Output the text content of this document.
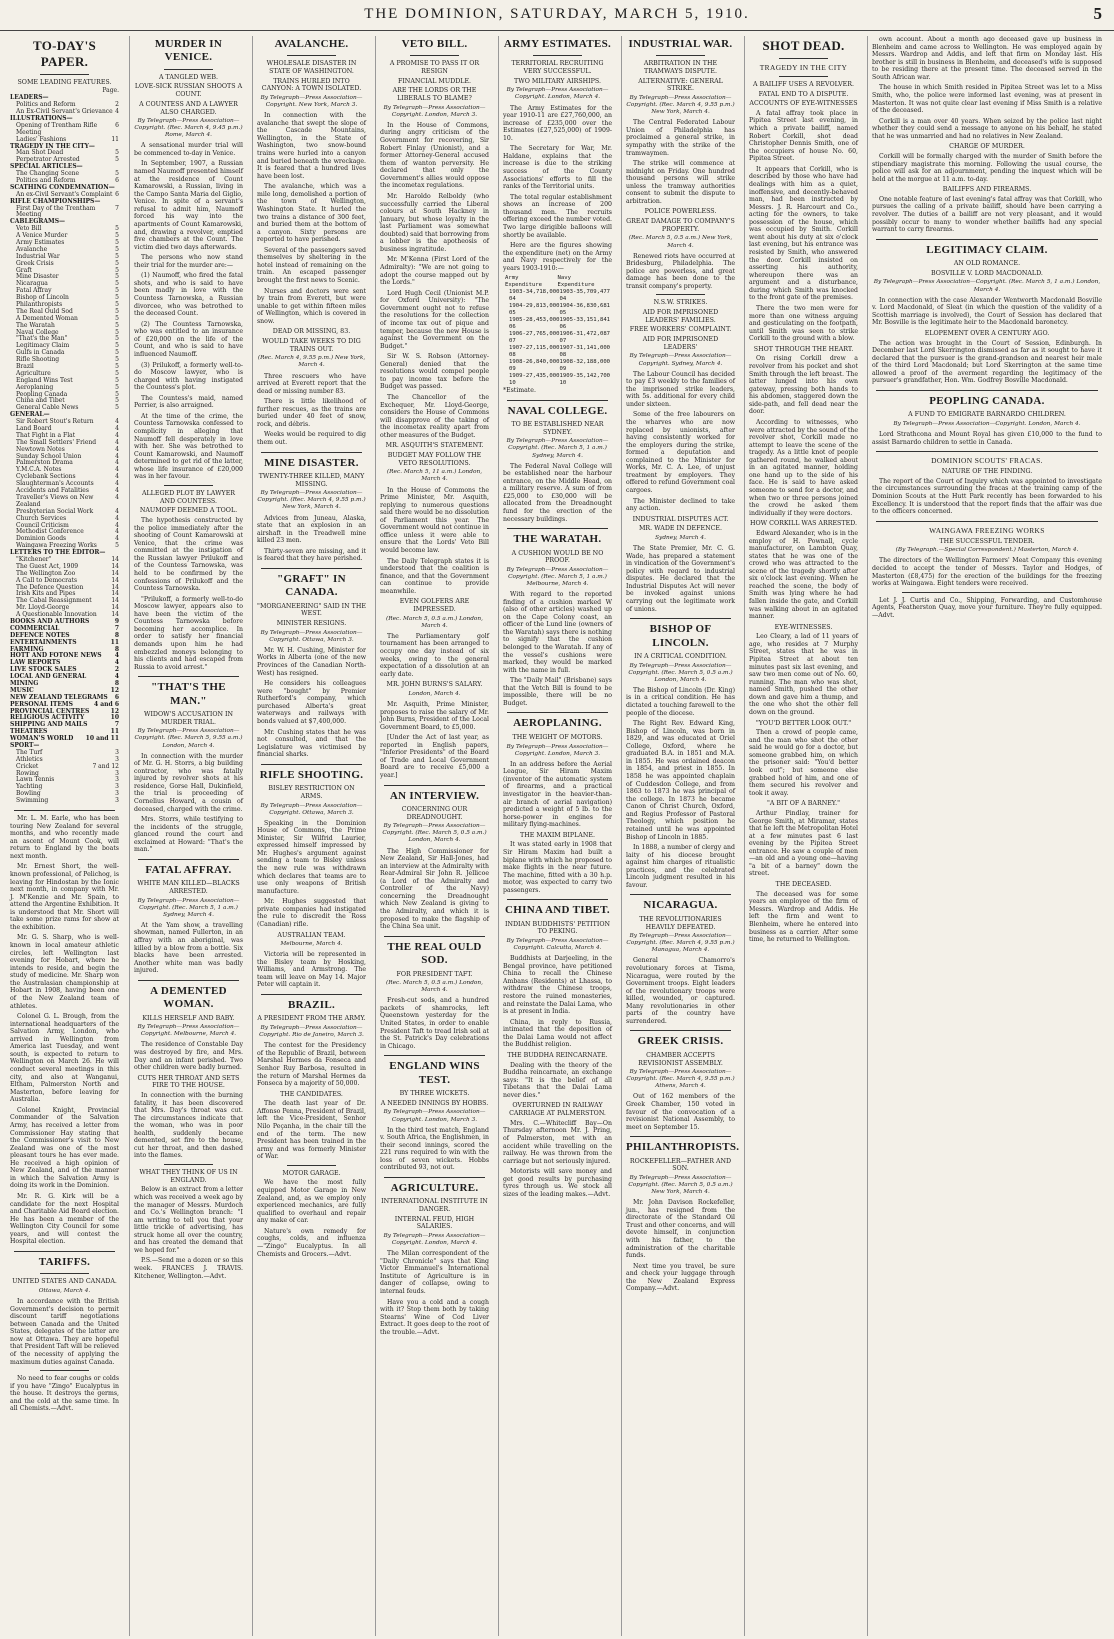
THE DOMINION, SATURDAY, MARCH 5, 1910.	5
TO-DAY'S PAPER.
SOME LEADING FEATURES.
Page.
LEADERS—
Politics and Reform	2
An Ex-Civil Servant's Grievance 4
ILLUSTRATIONS—
Opening of Trentham Rifle Meeting
6
Ladies' Fashions	11
TRAGEDY IN THE CITY—
Man Shot Dead	5
Perpetrator Arrested	5
SPECIAL ARTICLES—
The Changing Scene	5
Politics and Reform	6
SCATHING CONDEMNATION—
An ex-Civil Servant's Complaint 6
RIFLE CHAMPIONSHIPS—
First Day of the Trentham Meeting
7
CABLEGRAMS—
Veto Bill	5
A Venice Murder	5
Army Estimates	5
Avalanche	5
Industrial War	5
Greek Crisis	5
Graft	5
Mine Disaster	5
Nicaragua	5
Fatal Affray	5
Bishop of Lincoln	5
Philanthropists	5
The Real Ould Sod	5
A Demented Woman	5
The Waratah	5
Naval College	5
"That's the Man"	5
Legitimacy Claim	5
Gulfs in Canada	5
Rifle Shooting	5
Brazil	5
Agriculture	5
England Wins Test	5
Aeroplaning	5
Peopling Canada	5
China and Tibet	5
General Cable News	5
GENERAL—
Sir Robert Stout's Return	4
Land Board	4
That Fight in a Flat	4
The Small Settlers' Friend	4
Newtown Notes	4
Sunday School Union	4
Palmerston Drama	4
Y.M.C.A. Notes	4
Cyclebank Sections	4
Slaughterman's Accounts	4
Accidents and Fatalities	4
Traveller's Views on New Zealand
4
Presbyterian Social Work	4
Church Services	4
Council Criticism	4
Methodist Conference	4
Dominion Goods	4
Waingawa Freezing Works	5
LETTERS TO THE EDITOR—
"Kitchener"	14
The Guest Act, 1909	14
The Wellington Zoo	14
A Call to Democrats	14
The Defence Question	14
Irish Kits and Pipes	14
The Cabal Reassignment	14
Mr. Lloyd-George	14
A Questionable Innovation 14
BOOKS AND AUTHORS	9
COMMERCIAL	7
DEFENCE NOTES	8
ENTERTAINMENTS	11
FARMING	8
HOTT AND FOTONE NEWS 4
LAW REPORTS	4
LIVE STOCK SALES	2
LOCAL AND GENERAL	4
MINING	8
MUSIC	12
NEW ZEALAND TELEGRAMS 6
PERSONAL ITEMS	4 and 6
PROVINCIAL CENTRES	12
RELIGIOUS ACTIVITY	10
SHIPPING AND MAILS	7
THEATRES	11
WOMAN'S WORLD 10 and 11
SPORT—
The Turf	3
Athletics	3
Cricket	7 and 12
Rowing	3
Lawn Tennis	3
Yachting	3
Bowling	3
Swimming	3

Mr. L. M. Earle, who has been touring New Zealand for several months, and who recently made an ascent of Mount Cook, will return to England by the boats next month.

Mr. Ernest Short, the well-known professional, of Pelichog, is leaving for Hindostan by the Ionic next month, in company with Mr. J. M'Kenzie and Mr. Spain, to attend the Argentine Exhibition. It is understood that Mr. Short will take some prize rams for show at the exhibition.

Mr. G. S. Sharp, who is well-known in local amateur athletic circles, left Wellington last evening for Hobart, where he intends to reside, and begin the study of medicine. Mr. Sharp won the Australasian championship at Hobart in 1908, having been one of the New Zealand team of athletes.

Colonel G. L. Brough, from the international headquarters of the Salvation Army, London, who arrived in Wellington from America last Tuesday, and went south, is expected to return to Wellington on March 26. He will conduct several meetings in this city, and also at Wanganui, Eltham, Palmerston North and Masterton, before leaving for Australia.

Colonel Knight, Provincial Commander of the Salvation Army, has received a letter from Commissioner Hay stating that the Commissioner's visit to New Zealand was one of the most pleasant tours he has ever made. He received a high opinion of New Zealand, and of the manner in which the Salvation Army is doing its work in the Dominion.

Mr. R. G. Kirk will be a candidate for the next Hospital and Charitable Aid Board election. He has been a member of the Wellington City Council for some years, and will contest the Hospital election.

TARIFFS.
UNITED STATES AND CANADA.

Ottawa, March 4.

In accordance with the British Government's decision to permit discount tariff negotiations between Canada and the United States, delegates of the latter are now at Ottawa. They are hopeful that President Taft will be relieved of the necessity of applying the maximum duties against Canada.

No need to fear coughs or colds if you have "Zingo" Eucalyptus in the house. It destroys the germs, and the cold at the same time. In all Chemists.—Advt.

MURDER IN VENICE.
A TANGLED WEB.
LOVE-SICK RUSSIAN SHOOTS A COUNT.
A COUNTESS AND A LAWYER ALSO CHARGED.

By Telegraph—Press Association—Copyright. (Rec. March 4, 9.45 p.m.) Rome, March 4.

A sensational murder trial will be commenced to-day in Venice.

In September, 1907, a Russian named Naumoff presented himself at the residence of Count Kamarowski, a Russian, living in the Campo Santa Maria del Giglio, Venice. In spite of a servant's refusal to admit him, Naumoff forced his way into the apartments of Count Kamarowski, and, drawing a revolver, emptied five chambers at the Count. The victim died two days afterwards.

The persons who now stand their trial for the murder are:—

(1) Naumoff, who fired the fatal shots, and who is said to have been madly in love with the Countess Tarnowska, a Russian divorcee, who was betrothed to the deceased Count.

(2) The Countess Tarnowska, who was entitled to an insurance of £20,000 on the life of the Count, and who is said to have influenced Naumoff.

(3) Prilukoff, a formerly well-to-do Moscow lawyer, who is charged with having instigated the Countess's plot.

The Countess's maid, named Perrier, is also arraigned.

At the time of the crime, the Countess Tarnowska confessed to complicity in alleging that Naumoff fell desperately in love with her. She was betrothed to Count Kamarowski, and Naumoff determined to get rid of the latter, whose life insurance of £20,000 was in her favour.

ALLEGED PLOT BY LAWYER AND COUNTESS.
NAUMOFF DEEMED A TOOL.

The hypothesis constructed by the police immediately after the shooting of Count Kamarowski at Venice, that the crime was committed at the instigation of the Russian lawyer Prilukoff and of the Countess Tarnowska, was held to be confirmed by the confessions of Prilukoff and the Countess Tarnowska.

"Prilukoff, a formerly well-to-do Moscow lawyer, appears also to have been the victim of the Countess Tarnowska before becoming her accomplice. In order to satisfy her financial demands upon him he had embezzled moneys belonging to his clients and had escaped from Russia to avoid arrest."

"THAT'S THE MAN."
WIDOW'S ACCUSATION IN MURDER TRIAL.

By Telegraph—Press Association—Copyright. (Rec. March 5, 9.55 a.m.) London, March 4.

In connection with the murder of Mr. G. H. Storrs, a big building contractor, who was fatally injured by revolver shots at his residence, Gorse Hall, Dukinfield, the trial is proceeding of Cornelius Howard, a cousin of deceased, charged with the crime.

Mrs. Storrs, while testifying to the incidents of the struggle, glanced round the court and exclaimed at Howard: "That's the man."

FATAL AFFRAY.
WHITE MAN KILLED—BLACKS ARRESTED.

By Telegraph—Press Association—Copyright. (Rec. March 5, 1 a.m.) Sydney, March 4.

At the Yam show, a travelling showman, named Fullerton, in an affray with an aboriginal, was killed by a blow from a bottle. Six blacks have been arrested. Another white man was badly injured.

A DEMENTED WOMAN.
KILLS HERSELF AND BABY.

By Telegraph—Press Association—Copyright. Melbourne, March 4.

The residence of Constable Day was destroyed by fire, and Mrs. Day and an infant perished. Two other children were badly burned.

CUTS HER THROAT AND SETS FIRE TO THE HOUSE.

In connection with the burning fatality, it has been discovered that Mrs. Day's throat was cut. The circumstances indicate that the woman, who was in poor health, suddenly became demented, set fire to the house, cut her throat, and then dashed into the flames.

WHAT THEY THINK OF US IN ENGLAND.

Below is an extract from a letter which was received a week ago by the manager of Messrs. Murdoch and Co.'s Wellington branch: "I am writing to tell you that your little trickle of advertising, has struck home all over the country, and has created the demand that we hoped for."

P.S.—Send me a dozen or so this week. FRANCES J. TRAVIS. Kitchener, Wellington.—Advt.

AVALANCHE.
WHOLESALE DISASTER IN STATE OF WASHINGTON.
TRAINS HURLED INTO CANYON: A TOWN ISOLATED.

By Telegraph—Press Association—Copyright. New York, March 3.

In connection with the avalanche that swept the slope of the Cascade Mountains, Wellington, in the State of Washington, two snow-bound trains were hurled into a canyon and buried beneath the wreckage. It is feared that a hundred lives have been lost.

The avalanche, which was a mile long, demolished a portion of the town of Wellington, Washington State. It hurled the two trains a distance of 300 feet, and buried them at the bottom of a canyon. Sixty persons are reported to have perished.

Several of the passengers saved themselves by sheltering in the hotel instead of remaining on the train. An escaped passenger brought the first news to Scenic.

Nurses and doctors were sent by train from Everett, but were unable to get within fifteen miles of Wellington, which is covered in snow.

DEAD OR MISSING, 83.
WOULD TAKE WEEKS TO DIG TRAINS OUT.

(Rec. March 4, 9.55 p.m.) New York, March 4.

Three rescuers who have arrived at Everett report that the dead or missing number 83.

There is little likelihood of further rescues, as the trains are buried under 40 feet of snow, rock, and débris.

Weeks would be required to dig them out.

MINE DISASTER.
TWENTY-THREE KILLED, MANY MISSING.

By Telegraph—Press Association—Copyright. (Rec. March 4, 9.55 p.m.) New York, March 4.

Advices from Juneau, Alaska, state that an explosion in an airshaft in the Treadwell mine killed 23 men.

Thirty-seven are missing, and it is feared that they have perished.

"GRAFT" IN CANADA.
"MORGANEERING" SAID IN THE WEST.
MINISTER RESIGNS.

By Telegraph—Press Association—Copyright. Ottawa, March 3.

Mr. W. H. Cushing, Minister for Works in Alberta (one of the new Provinces of the Canadian North-West) has resigned.

He considers his colleagues were "bought" by Premier Rutherford's company, which purchased Alberta's great waterways and railways with bonds valued at $7,400,000.

Mr. Cushing states that he was not consulted, and that the Legislature was victimised by financial sharks.

RIFLE SHOOTING.
BISLEY RESTRICTION ON ARMS.

By Telegraph—Press Association—Copyright. Ottawa, March 3.

Speaking in the Dominion House of Commons, the Prime Minister, Sir Wilfrid Laurier, expressed himself impressed by Mr. Hughes's argument against sending a team to Bisley unless the new rule was withdrawn which declares that teams are to use only weapons of British manufacture.

Mr. Hughes suggested that private companies had instigated the rule to discredit the Ross (Canadian) rifle.

AUSTRALIAN TEAM.

Melbourne, March 4.

Victoria will be represented in the Bisley team by Hosking, Williams, and Armstrong. The team will leave on May 14. Major Peter will captain it.

BRAZIL.
A PRESIDENT FROM THE ARMY.

By Telegraph—Press Association—Copyright. Rio de Janeiro, March 3.

The contest for the Presidency of the Republic of Brazil, between Marshal Hermes da Fonseca and Senhor Ruy Barbosa, resulted in the return of Marshal Hermes da Fonseca by a majority of 50,000.

THE CANDIDATES.

The death last year of Dr. Affonso Penna, President of Brazil, left the Vice-President, Senhor Nilo Peçanha, in the chair till the end of the term. The new President has been trained in the army and was formerly Minister of War.

MOTOR GARAGE.

We have the most fully equipped Motor Garage in New Zealand, and, as we employ only experienced mechanics, are fully qualified to overhaul and repair any make of car.

Nature's own remedy for coughs, colds, and influenza—"Zingo" Eucalyptus. In all Chemists and Grocers.—Advt.

VETO BILL.
A PROMISE TO PASS IT OR RESIGN
FINANCIAL MUDDLE.
ARE THE LORDS OR THE LIBERALS TO BLAME?

By Telegraph—Press Association—Copyright. London, March 3.

In the House of Commons, during angry criticism of the Government for recovering, Sir Robert Finlay (Unionist), and a former Attorney-General accused them of wanton perversity. He declared that only the Government's allies would oppose the incometax regulations.

Mr. Haroldo Relboldy (who successfully carried the Liberal colours at South Hackney in January, but whose loyalty in the last Parliament was somewhat doubted) said that borrowing from a lobber is the apotheosis of business ingratitude.

Mr. M'Kenna (First Lord of the Admiralty): "We are not going to adopt the course mapped out by the Lords."

Lord Hugh Cecil (Unionist M.P. for Oxford University): "The Government ought not to refuse the resolutions for the collection of income tax out of pique and temper, because the new House is against the Government on the Budget."

Sir W. S. Robson (Attorney-General) denied that the resolutions would compel people to pay income tax before the Budget was passed.

The Chancellor of the Exchequer, Mr. Lloyd-George, considers the House of Commons will disapprove of the taking of the incometax reality apart from other measures of the Budget.

MR. ASQUITH'S STATEMENT.
BUDGET MAY FOLLOW THE VETO RESOLUTIONS.

(Rec. March 5, 11 a.m.) London, March 4.

In the House of Commons the Prime Minister, Mr. Asquith, replying to numerous questions said there would be no dissolution of Parliament this year. The Government would not continue in office unless it were able to ensure that the Lords' Veto Bill would become law.

The Daily Telegraph states it is understood that the coalition is finance, and that the Government can continue to provide meanwhile.

EVEN GOLFERS ARE IMPRESSED.

(Rec. March 5, 0.5 a.m.) London, March 4.

The Parliamentary golf tournament has been arranged to occupy one day instead of six weeks, owing to the general expectation of a dissolution at an early date.

MR. JOHN BURNS'S SALARY.

London, March 4.

Mr. Asquith, Prime Minister, proposes to raise the salary of Mr. John Burns, President of the Local Government Board, to £5,000.

[Under the Act of last year, as reported in English papers, "Inferior Presidents" of the Board of Trade and Local Government Board are to receive £5,000 a year.]

AN INTERVIEW.
CONCERNING OUR DREADNOUGHT.

By Telegraph—Press Association—Copyright. (Rec. March 5, 0.5 a.m.) London, March 4.

The High Commissioner for New Zealand, Sir Hall-Jones, had an interview at the Admiralty with Rear-Admiral Sir John R. Jellicoe (a Lord of the Admiralty and Controller of the Navy) concerning the Dreadnought which New Zealand is giving to the Admiralty, and which it is proposed to make the flagship of the China Sea unit.

THE REAL OULD SOD.
FOR PRESIDENT TAFT.

(Rec. March 5, 0.5 a.m.) London, March 4.

Fresh-cut sods, and a hundred packets of shamrocks, left Queenstown yesterday for the United States, in order to enable President Taft to tread Irish soil at the St. Patrick's Day celebrations in Chicago.

ENGLAND WINS TEST.
BY THREE WICKETS.
A NEEDED INNINGS BY HOBBS.

By Telegraph—Press Association—Copyright. London, March 3.

In the third test match, England v. South Africa, the Englishmen, in their second innings, scored the 221 runs required to win with the loss of seven wickets. Hobbs contributed 93, not out.

AGRICULTURE.
INTERNATIONAL INSTITUTE IN DANGER.
INTERNAL FEUD, HIGH SALARIES.

By Telegraph—Press Association—Copyright. London, March 4.

The Milan correspondent of the "Daily Chronicle" says that King Victor Emmanuel's International Institute of Agriculture is in danger of collapse, owing to internal feuds.

Have you a cold and a cough with it? Stop them both by taking Stearns' Wine of Cod Liver Extract. It goes deep to the root of the trouble.—Advt.

ARMY ESTIMATES.
TERRITORIAL RECRUITING VERY SUCCESSFUL.
TWO MILITARY AIRSHIPS.

By Telegraph—Press Association—Copyright. London, March 4.

The Army Estimates for the year 1910-11 are £27,760,000, an increase of £235,000 over the Estimates (£27,525,000) of 1909-10.

The Secretary for War, Mr. Haldane, explains that the increase is due to the striking success of the County Associations' efforts to fill the ranks of the Territorial units.

The total regular establishment shows an increase of 200 thousand men. The recruits offering exceed the number voted. Two large dirigible balloons will shortly be available.

Here are the figures showing the expenditure (net) on the Army and Navy respectively for the years 1903-1910:—

Army Expenditure
Navy Expenditure
1903-04
34,718,000 1903-04
35,709,477
1904-05
29,813,000 1904-05
36,830,681
1905-06
28,453,000 1905-06
33,151,841
1906-07
27,765,000 1906-07
31,472,087
1907-08
27,115,000 1907-08
31,141,000
1908-09
26,840,000 1908-09
32,188,000
1909-10
27,435,000 1909-10
35,142,700

*Estimate.

NAVAL COLLEGE.
TO BE ESTABLISHED NEAR SYDNEY.

By Telegraph—Press Association—Copyright. (Rec. March 5, 1 a.m.) Sydney, March 4.

The Federal Naval College will be established near the harbour entrance, on the Middle Head, on a military reserve. A sum of from £25,000 to £30,000 will be allocated from the Dreadnought fund for the erection of the necessary buildings.

THE WARATAH.
A CUSHION WOULD BE NO PROOF.

By Telegraph—Press Association—Copyright. (Rec. March 5, 1 a.m.) Melbourne, March 4.

With regard to the reported finding of a cushion marked W (also of other articles) washed up on the Cape Colony coast, an officer of the Lund line (owners of the Waratah) says there is nothing to signify that the cushion belonged to the Waratah. If any of the vessel's cushions were marked, they would be marked with the name in full.

The "Daily Mail" (Brisbane) says that the Vetch Bill is found to be impossible, there will be no Budget.

AEROPLANING.
THE WEIGHT OF MOTORS.

By Telegraph—Press Association—Copyright. London, March 3.

In an address before the Aerial League, Sir Hiram Maxim (inventor of the automatic system of firearms, and a practical investigator in the heavier-than-air branch of aerial navigation) predicted a weight of 5 lb. to the horse-power in engines for military flying-machines.

THE MAXIM BIPLANE.

It was stated early in 1908 that Sir Hiram Maxim had built a biplane with which he proposed to make flights in the near future. The machine, fitted with a 30 h.p. motor, was expected to carry two passengers.

CHINA AND TIBET.
INDIAN BUDDHISTS' PETITION TO PEKING.

By Telegraph—Press Association—Copyright. Calcutta, March 4.

Buddhists at Darjeeling, in the Bengal province, have petitioned China to recall the Chinese Ambans (Residents) at Lhassa, to withdraw the Chinese troops, restore the ruined monasteries, and reinstate the Dalai Lama, who is at present in India.

China, in reply to Russia, intimated that the deposition of the Dalai Lama would not affect the Buddhist religion.

THE BUDDHA REINCARNATE.

Dealing with the theory of the Buddha reincarnate, an exchange says: "It is the belief of all Tibetans that the Dalai Lama never dies."

OVERTURNED IN RAILWAY CARRIAGE AT PALMERSTON.

Mrs. C.—Whitecliff Bay—On Thursday afternoon Mr. J. Pring, of Palmerston, met with an accident while travelling on the railway. He was thrown from the carriage but not seriously injured.

Motorists will save money and get good results by purchasing tyres through us. We stock all sizes of the leading makes.—Advt.

INDUSTRIAL WAR.
ARBITRATION IN THE TRAMWAYS DISPUTE.
ALTERNATIVE: GENERAL STRIKE.

By Telegraph—Press Association—Copyright. (Rec. March 4, 9.55 p.m.) New York, March 4.

The Central Federated Labour Union of Philadelphia has proclaimed a general strike, in sympathy with the strike of the tramwaymen.

The strike will commence at midnight on Friday. One hundred thousand persons will strike unless the tramway authorities consent to submit the dispute to arbitration.

POLICE POWERLESS.
GREAT DAMAGE TO COMPANY'S PROPERTY.

(Rec. March 5, 0.5 a.m.) New York, March 4.

Renewed riots have occurred at Bridesburg, Philadelphia. The police are powerless, and great damage has been done to the transit company's property.

N.S.W. STRIKES.
AID FOR IMPRISONED LEADERS' FAMILIES.
FREE WORKERS' COMPLAINT.
AID FOR IMPRISONED LEADERS'

By Telegraph—Press Association—Copyright. Sydney, March 4.

The Labour Council has decided to pay £3 weekly to the families of the imprisoned strike leaders, with 5s. additional for every child under sixteen.

Some of the free labourers on the wharves who are now replaced by unionists, after having consistently worked for the employers during the strike, formed a deputation and complained to the Minister for Works, Mr. C. A. Lee, of unjust treatment by employers. They offered to refund Government coal cargoes.

The Minister declined to take any action.

INDUSTRIAL DISPUTES ACT.
MR. WADE IN DEFENCE.

Sydney, March 4.

The State Premier, Mr. C. G. Wade, has prepared a statement in vindication of the Government's policy with regard to industrial disputes. He declared that the Industrial Disputes Act will never be invoked against unions carrying out the legitimate work of unions.

BISHOP OF LINCOLN.
IN A CRITICAL CONDITION.

By Telegraph—Press Association—Copyright. (Rec. March 5, 0.5 a.m.) London, March 4.

The Bishop of Lincoln (Dr. King) is in a critical condition. He has dictated a touching farewell to the people of the diocese.

The Right Rev. Edward King, Bishop of Lincoln, was born in 1829, and was educated at Oriel College, Oxford, where he graduated B.A. in 1851 and M.A. in 1855. He was ordained deacon in 1854, and priest in 1855. In 1858 he was appointed chaplain of Cuddesdon College, and from 1863 to 1873 he was principal of the college. In 1873 he became Canon of Christ Church, Oxford, and Regius Professor of Pastoral Theology, which position he retained until he was appointed Bishop of Lincoln in 1885.

In 1888, a number of clergy and laity of his diocese brought against him charges of ritualistic practices, and the celebrated Lincoln judgment resulted in his favour.

NICARAGUA.
THE REVOLUTIONARIES HEAVILY DEFEATED.

By Telegraph—Press Association—Copyright. (Rec. March 4, 9.55 p.m.) Managua, March 4.

General Chamorro's revolutionary forces at Tisma, Nicaragua, were routed by the Government troops. Eight leaders of the revolutionary troops were killed, wounded, or captured. Many revolutionaries in other parts of the country have surrendered.

GREEK CRISIS.
CHAMBER ACCEPTS REVISIONIST ASSEMBLY.

By Telegraph—Press Association—Copyright. (Rec. March 4, 9.55 p.m.) Athens, March 4.

Out of 162 members of the Greek Chamber, 150 voted in favour of the convocation of a revisionist National Assembly, to meet on September 15.

PHILANTHROPISTS.
ROCKEFELLER—FATHER AND SON.

By Telegraph—Press Association—Copyright. (Rec. March 5, 0.5 a.m.) New York, March 4.

Mr. John Davison Rockefeller, jun., has resigned from the directorate of the Standard Oil Trust and other concerns, and will devote himself, in conjunction with his father, to the administration of the charitable funds.

Next time you travel, be sure and check your luggage through the New Zealand Express Company.—Advt.

SHOT DEAD.
TRAGEDY IN THE CITY
A BAILIFF USES A REVOLVER.
FATAL END TO A DISPUTE.
ACCOUNTS OF EYE-WITNESSES

A fatal affray took place in Pipitea Street last evening, in which a private bailiff, named Robert Corkill, shot dead Christopher Dennis Smith, one of the occupiers of house No. 60, Pipitea Street.

It appears that Corkill, who is described by those who have had dealings with him as a quiet, inoffensive, and decently-behaved man, had been instructed by Messrs. J. R. Harcourt and Co., acting for the owners, to take possession of the house, which was occupied by Smith. Corkill went about his duty at six o'clock last evening, but his entrance was resisted by Smith, who answered the door. Corkill insisted on asserting his authority, whereupon there was an argument and a disturbance, during which Smith was knocked to the front gate of the premises.

There the two men were for more than one witness arguing and gesticulating on the footpath, until Smith was seen to strike Corkill to the ground with a blow.

SHOT THROUGH THE HEART.

On rising Corkill drew a revolver from his pocket and shot Smith through the left breast. The latter lunged into his own gateway, pressing both hands to his abdomen, staggered down the side-path, and fell dead near the door.

According to witnesses, who were attracted by the sound of the revolver shot, Corkill made no attempt to leave the scene of the tragedy. As a little knot of people gathered round, he walked about in an agitated manner, holding one hand up to the side of his face. He is said to have asked someone to send for a doctor, and when two or three persons joined the crowd he asked them individually if they were doctors.

HOW CORKILL WAS ARRESTED.

Edward Alexander, who is in the employ of H. Pownall, cycle manufacturer, on Lambton Quay, states that he was one of the crowd who was attracted to the scene of the tragedy shortly after six o'clock last evening. When he reached the scene, the body of Smith was lying where he had fallen inside the gate, and Corkill was walking about in an agitated manner.

EYE-WITNESSES.

Leo Cleary, a lad of 11 years of age, who resides at 7 Murphy Street, states that he was in Pipitea Street at about ten minutes past six last evening, and saw two men come out of No. 60, running. The man who was shot, named Smith, pushed the other down and gave him a thump, and the one who shot the other fell down on the ground.

"YOU'D BETTER LOOK OUT."

Then a crowd of people came, and the man who shot the other said he would go for a doctor, but someone grabbed him, on which the prisoner said: "You'd better look out"; but someone else grabbed hold of him, and one of them secured his revolver and took it away.

"A BIT OF A BARNEY."

Arthur Pindlay, trainer for George Smith, at Miramar, states that he left the Metropolitan Hotel at a few minutes past 6 last evening by the Pipitea Street entrance. He saw a couple of men—an old and a young one—having "a bit of a barney" down the street.

THE DECEASED.

The deceased was for some years an employee of the firm of Messrs. Wardrop and Addis. He left the firm and went to Blenheim, where he entered into business as a carrier. After some time, he returned to Wellington.

own account. About a month ago deceased gave up business in Blenheim and came across to Wellington. He was employed again by Messrs. Wardrop and Addis, and left that firm on Monday last. His brother is still in business in Blenheim, and deceased's wife is supposed to be residing there at the present time. The deceased served in the South African war.

The house in which Smith resided in Pipitea Street was let to a Miss Smith, who, the police were informed last evening, was at present in Masterton. It was not quite clear last evening if Miss Smith is a relative of the deceased.

Corkill is a man over 40 years. When seized by the police last night whether they could send a message to anyone on his behalf, he stated that he was unmarried and had no relatives in New Zealand.

CHARGE OF MURDER.

Corkill will be formally charged with the murder of Smith before the stipendiary magistrate this morning. Following the usual course, the police will ask for an adjournment, pending the inquest which will be held at the morgue at 11 a.m. to-day.

BAILIFFS AND FIREARMS.

One notable feature of last evening's fatal affray was that Corkill, who pursues the calling of a private bailiff, should have been carrying a revolver. The duties of a bailiff are not very pleasant, and it would possibly occur to many to wonder whether bailiffs had any special warrant to carry firearms.

LEGITIMACY CLAIM.
AN OLD ROMANCE.
BOSVILLE V. LORD MACDONALD.

By Telegraph—Press Association—Copyright. (Rec. March 5, 1 a.m.) London, March 4.

In connection with the case Alexander Wentworth Macdonald Bosville v. Lord Macdonald, of Sleat (in which the question of the validity of a Scottish marriage is involved), the Court of Session has declared that Mr. Bosville is the legitimate heir to the Macdonald baronetcy.

ELOPEMENT OVER A CENTURY AGO.

The action was brought in the Court of Session, Edinburgh. In December last Lord Skerrington dismissed as far as it sought to have it declared that the pursuer is the grand-grandson and nearest heir male of the third Lord Macdonald; but Lord Skerrington at the same time allowed a proof of the averment regarding the legitimacy of the pursuer's grandfather, Hon. Wm. Godfrey Bosville Macdonald.

PEOPLING CANADA.
A FUND TO EMIGRATE BARNARDO CHILDREN.

By Telegraph—Press Association—Copyright. London, March 4.

Lord Strathcona and Mount Royal has given £10,000 to the fund to assist Barnardo children to settle in Canada.

DOMINION SCOUTS' FRACAS.
NATURE OF THE FINDING.

The report of the Court of Inquiry which was appointed to investigate the circumstances surrounding the fracas at the training camp of the Dominion Scouts at the Hutt Park recently has been forwarded to his Excellency. It is understood that the report finds that the affair was due to the officers concerned.

WAINGAWA FREEZING WORKS
THE SUCCESSFUL TENDER.

(By Telegraph.—Special Correspondent.) Masterton, March 4.

The directors of the Wellington Farmers' Meat Company this evening decided to accept the tender of Messrs. Taylor and Hodges, of Masterton (£8,475) for the erection of the buildings for the freezing works at Waingawa. Eight tenders were received.

Let J. J. Curtis and Co., Shipping, Forwarding, and Customhouse Agents, Featherston Quay, move your furniture. They're fully equipped.—Advt.
